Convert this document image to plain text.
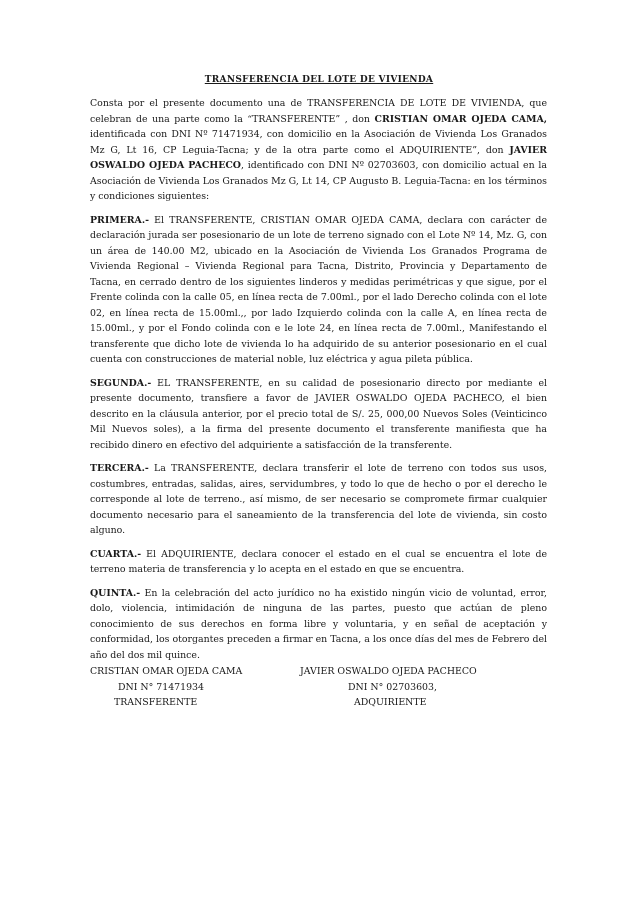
TRANSFERENCIA DEL LOTE DE VIVIENDA

Consta por el presente documento una de TRANSFERENCIA DE LOTE DE VIVIENDA, que celebran de una parte como la “TRANSFERENTE” , don CRISTIAN OMAR OJEDA CAMA, identificada con DNI Nº 71471934, con domicilio en la Asociación de Vivienda Los Granados Mz G, Lt 16, CP Leguia-Tacna; y de la otra parte como el ADQUIRIENTE”, don JAVIER OSWALDO OJEDA PACHECO, identificado con DNI Nº 02703603, con domicilio actual en la Asociación de Vivienda Los Granados Mz G, Lt 14, CP Augusto B. Leguia-Tacna: en los términos y condiciones siguientes:

PRIMERA.- El TRANSFERENTE, CRISTIAN OMAR OJEDA CAMA, declara con carácter de declaración jurada ser posesionario de un lote de terreno signado con el Lote Nº 14, Mz. G, con un área de 140.00 M2, ubicado en la Asociación de Vivienda Los Granados Programa de Vivienda Regional – Vivienda Regional para Tacna, Distrito, Provincia y Departamento de Tacna, en cerrado dentro de los siguientes linderos y medidas perimétricas y que sigue, por el Frente colinda con la calle 05, en línea recta de 7.00ml., por el lado Derecho colinda con el lote 02, en línea recta de 15.00ml.,, por lado Izquierdo colinda con la calle A, en línea recta de 15.00ml., y por el Fondo colinda con e le lote 24, en línea recta de 7.00ml., Manifestando el transferente que dicho lote de vivienda lo ha adquirido de su anterior posesionario en el cual cuenta con construcciones de material noble, luz eléctrica y agua pileta pública.

SEGUNDA.- EL TRANSFERENTE, en su calidad de posesionario directo por mediante el presente documento, transfiere a favor de JAVIER OSWALDO OJEDA PACHECO, el bien descrito en la cláusula anterior, por el precio total de S/. 25, 000,00 Nuevos Soles (Veinticinco Mil Nuevos soles), a la firma del presente documento el transferente manifiesta que ha recibido dinero en efectivo del adquiriente a satisfacción de la transferente.

TERCERA.- La TRANSFERENTE, declara transferir el lote de terreno con todos sus usos, costumbres, entradas, salidas, aires, servidumbres, y todo lo que de hecho o por el derecho le corresponde al lote de terreno., así mismo, de ser necesario se compromete firmar cualquier documento necesario para el saneamiento de la transferencia del lote de vivienda, sin costo alguno.

CUARTA.- El ADQUIRIENTE, declara conocer el estado en el cual se encuentra el lote de terreno materia de transferencia y lo acepta en el estado en que se encuentra.

QUINTA.- En la celebración del acto jurídico no ha existido ningún vicio de voluntad, error, dolo, violencia, intimidación de ninguna de las partes, puesto que actúan de pleno conocimiento de sus derechos en forma libre y voluntaria, y en señal de aceptación y conformidad, los otorgantes preceden a firmar en Tacna, a los once días del mes de Febrero del año del dos mil quince.

CRISTIAN OMAR OJEDA CAMA
DNI N° 71471934
TRANSFERENTE
JAVIER OSWALDO OJEDA PACHECO
DNI N° 02703603,
ADQUIRIENTE
